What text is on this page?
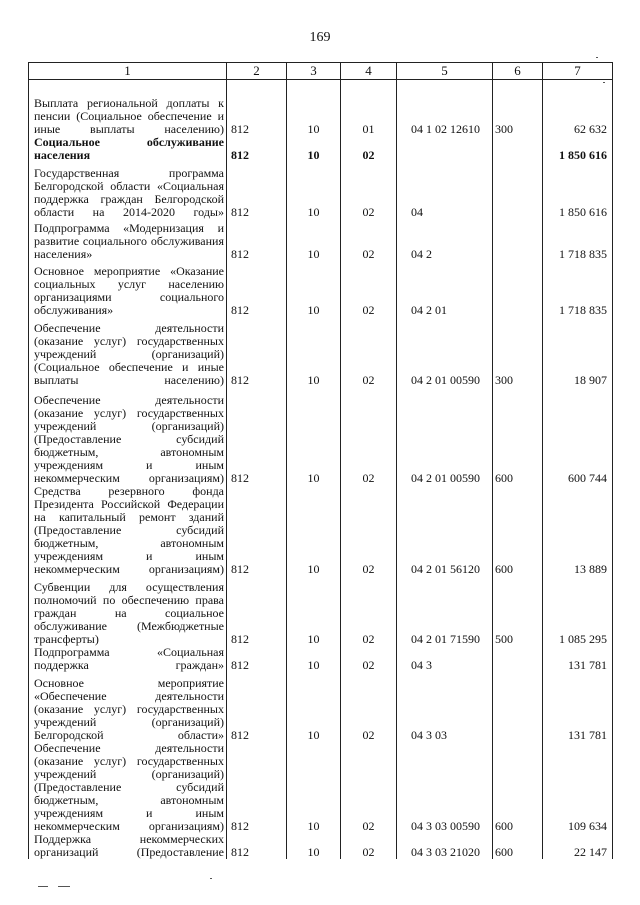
169
1	2	3	4	5	6	7
Выплата региональной доплаты к пенсии (Социальное обеспечение и иные выплаты населению)	812	10	01	04 1 02 12610	300	62 632
Социальное обслуживание населения	812	10	02			1 850 616
Государственная программа Белгородской области «Социальная поддержка граждан Белгородской области на 2014-2020 годы»	812	10	02	04		1 850 616
Подпрограмма «Модернизация и развитие социального обслуживания населения»	812	10	02	04 2		1 718 835
Основное мероприятие «Оказание социальных услуг населению организациями социального обслуживания»	812	10	02	04 2 01		1 718 835
Обеспечение деятельности (оказание услуг) государственных учреждений (организаций) (Социальное обеспечение и иные выплаты населению)	812	10	02	04 2 01 00590	300	18 907
Обеспечение деятельности (оказание услуг) государственных учреждений (организаций) (Предоставление субсидий бюджетным, автономным учреждениям и иным некоммерческим организациям)	812	10	02	04 2 01 00590	600	600 744
Средства резервного фонда Президента Российской Федерации на капитальный ремонт зданий (Предоставление субсидий бюджетным, автономным учреждениям и иным некоммерческим организациям)	812	10	02	04 2 01 56120	600	13 889
Субвенции для осуществления полномочий по обеспечению права граждан на социальное обслуживание (Межбюджетные трансферты)	812	10	02	04 2 01 71590	500	1 085 295
Подпрограмма «Социальная поддержка граждан»	812	10	02	04 3		131 781
Основное мероприятие «Обеспечение деятельности (оказание услуг) государственных учреждений (организаций) Белгородской области»	812	10	02	04 3 03		131 781
Обеспечение деятельности (оказание услуг) государственных учреждений (организаций) (Предоставление субсидий бюджетным, автономным учреждениям и иным некоммерческим организациям)	812	10	02	04 3 03 00590	600	109 634
Поддержка некоммерческих организаций (Предоставление	812	10	02	04 3 03 21020	600	22 147
